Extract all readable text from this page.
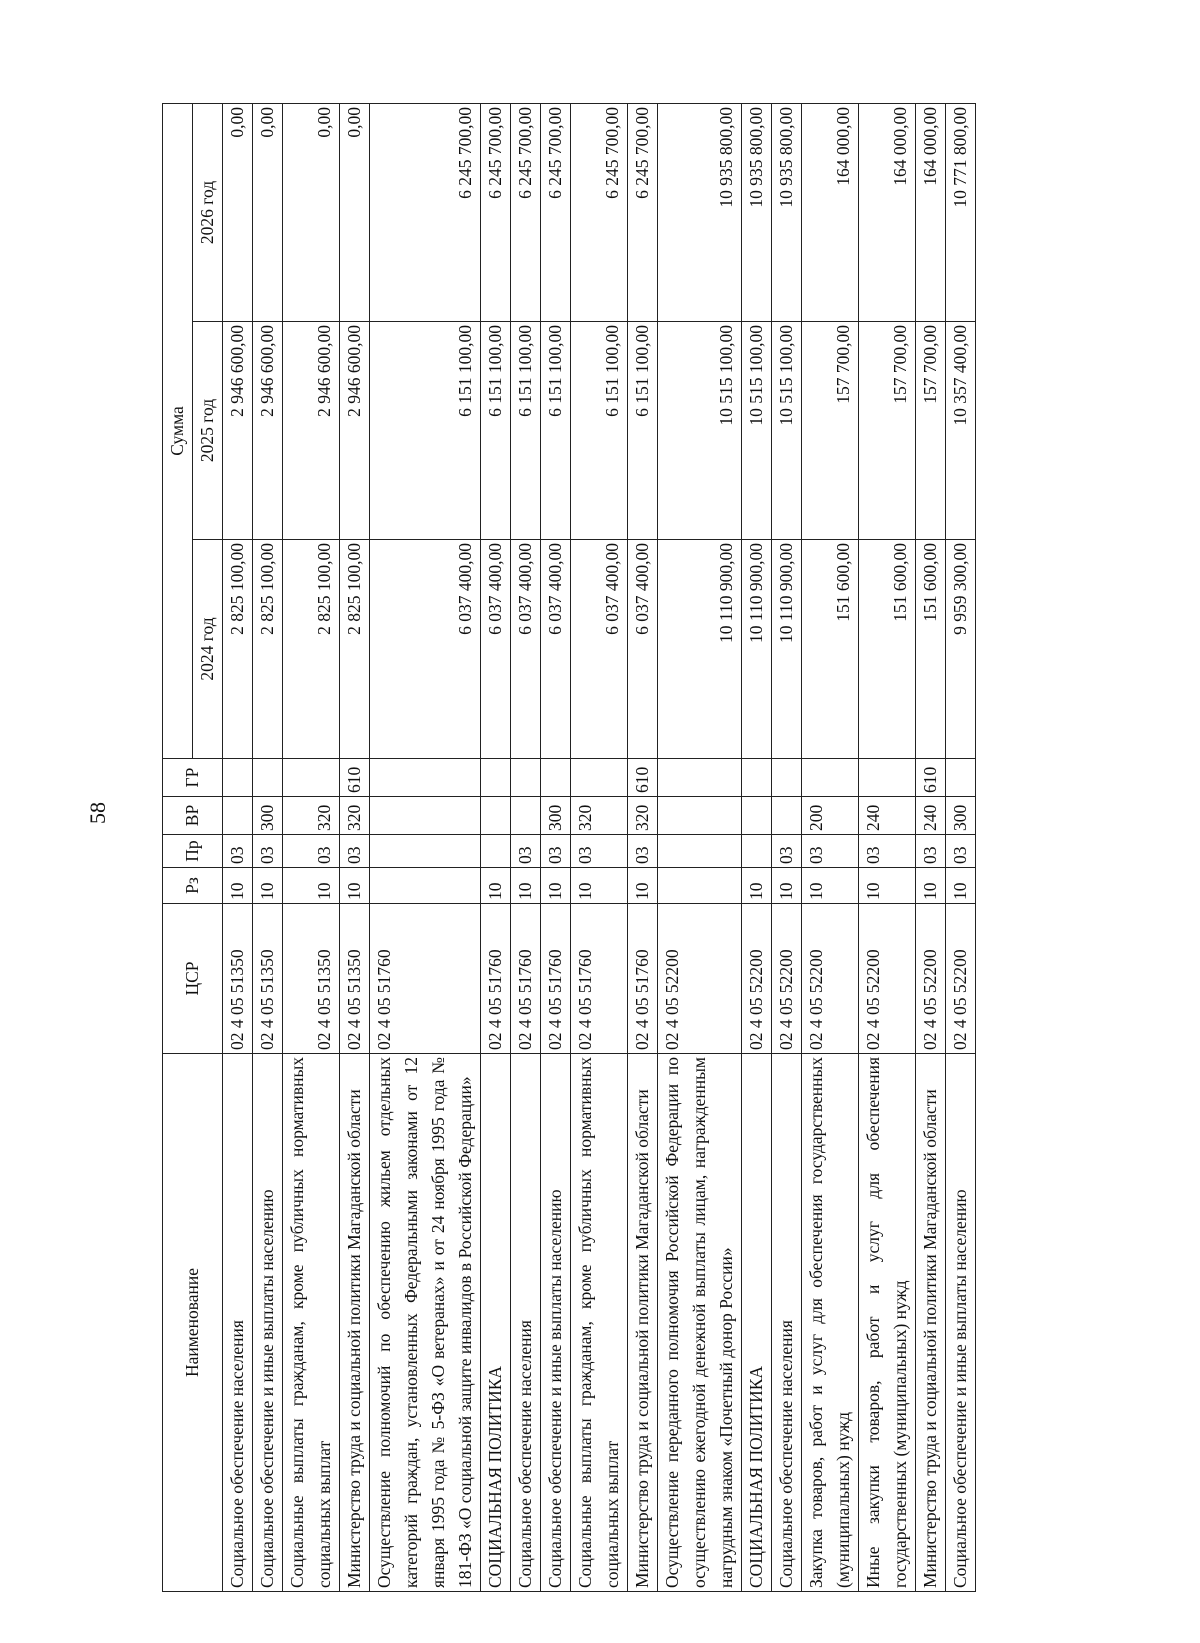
58
Наименование	ЦСР	Рз	Пр	ВР	ГР	Сумма		
						2024 год	2025 год	2026 год
Социальное обеспечение населения	02 4 05 51350	10	03			2 825 100,00	2 946 600,00	0,00
Социальное обеспечение и иные выплаты населению	02 4 05 51350	10	03	300		2 825 100,00	2 946 600,00	0,00
Социальные выплаты гражданам, кроме публичных нормативных социальных выплат	02 4 05 51350	10	03	320		2 825 100,00	2 946 600,00	0,00
Министерство труда и социальной политики Магаданской области	02 4 05 51350	10	03	320	610	2 825 100,00	2 946 600,00	0,00
Осуществление полномочий по обеспечению жильем отдельных категорий граждан, установленных Федеральными законами от 12 января 1995 года № 5-ФЗ «О ветеранах» и от 24 ноября 1995 года № 181-ФЗ «О социальной защите инвалидов в Российской Федерации»	02 4 05 51760					6 037 400,00	6 151 100,00	6 245 700,00
СОЦИАЛЬНАЯ ПОЛИТИКА	02 4 05 51760	10				6 037 400,00	6 151 100,00	6 245 700,00
Социальное обеспечение населения	02 4 05 51760	10	03			6 037 400,00	6 151 100,00	6 245 700,00
Социальное обеспечение и иные выплаты населению	02 4 05 51760	10	03	300		6 037 400,00	6 151 100,00	6 245 700,00
Социальные выплаты гражданам, кроме публичных нормативных социальных выплат	02 4 05 51760	10	03	320		6 037 400,00	6 151 100,00	6 245 700,00
Министерство труда и социальной политики Магаданской области	02 4 05 51760	10	03	320	610	6 037 400,00	6 151 100,00	6 245 700,00
Осуществление переданного полномочия Российской Федерации по осуществлению ежегодной денежной выплаты лицам, награжденным нагрудным знаком «Почетный донор России»	02 4 05 52200					10 110 900,00	10 515 100,00	10 935 800,00
СОЦИАЛЬНАЯ ПОЛИТИКА	02 4 05 52200	10				10 110 900,00	10 515 100,00	10 935 800,00
Социальное обеспечение населения	02 4 05 52200	10	03			10 110 900,00	10 515 100,00	10 935 800,00
Закупка товаров, работ и услуг для обеспечения государственных (муниципальных) нужд	02 4 05 52200	10	03	200		151 600,00	157 700,00	164 000,00
Иные закупки товаров, работ и услуг для обеспечения государственных (муниципальных) нужд	02 4 05 52200	10	03	240		151 600,00	157 700,00	164 000,00
Министерство труда и социальной политики Магаданской области	02 4 05 52200	10	03	240	610	151 600,00	157 700,00	164 000,00
Социальное обеспечение и иные выплаты населению	02 4 05 52200	10	03	300		9 959 300,00	10 357 400,00	10 771 800,00
